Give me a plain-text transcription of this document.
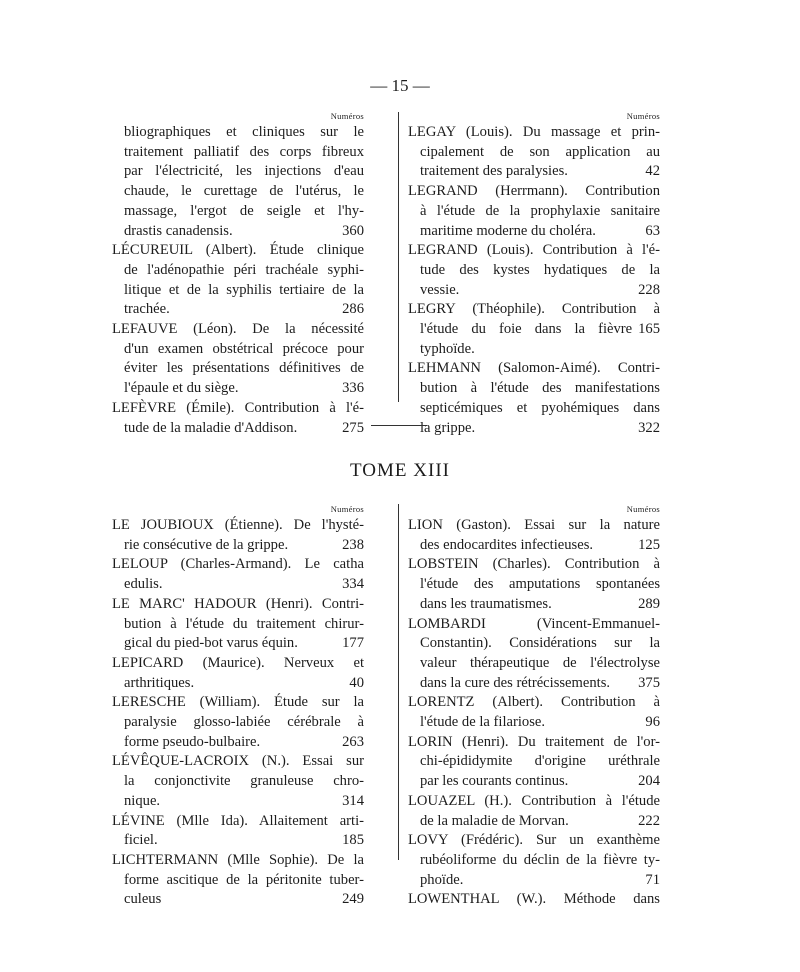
— 15 —
Numéros
bliographiques et cliniques sur le
traitement palliatif des corps fibreux
par l'électricité, les injections d'eau
chaude, le curettage de l'utérus, le
massage, l'ergot de seigle et l'hy-
drastis canadensis.	360
LÉCUREUIL (Albert). Étude clinique
de l'adénopathie péri trachéale syphi-
litique et de la syphilis tertiaire de la
trachée.	286
LEFAUVE (Léon). De la nécessité
d'un examen obstétrical précoce pour
éviter les présentations définitives de
l'épaule et du siège.	336
LEFÈVRE (Émile). Contribution à l'é-
tude de la maladie d'Addison.	275
Numéros
LEGAY (Louis). Du massage et prin-
cipalement de son application au
traitement des paralysies.	42
LEGRAND (Herrmann). Contribution
à l'étude de la prophylaxie sanitaire
maritime moderne du choléra.	63
LEGRAND (Louis). Contribution à l'é-
tude des kystes hydatiques de la
vessie.	228
LEGRY (Théophile). Contribution à
l'étude du foie dans la fièvre typhoïde.
165
LEHMANN (Salomon-Aimé). Contri-
bution à l'étude des manifestations
septicémiques et pyohémiques dans
la grippe.	322
TOME XIII
Numéros
LE JOUBIOUX (Étienne). De l'hysté-
rie consécutive de la grippe.	238
LELOUP (Charles-Armand). Le catha
edulis.	334
LE MARC' HADOUR (Henri). Contri-
bution à l'étude du traitement chirur-
gical du pied-bot varus équin.	177
LEPICARD (Maurice). Nerveux et
arthritiques.	40
LERESCHE (William). Étude sur la
paralysie glosso-labiée cérébrale à
forme pseudo-bulbaire.	263
LÉVÊQUE-LACROIX (N.). Essai sur
la conjonctivite granuleuse chro-
nique.	314
LÉVINE (Mlle Ida). Allaitement arti-
ficiel.	185
LICHTERMANN (Mlle Sophie). De la
forme ascitique de la péritonite tuber-
culeus	249
Numéros
LION (Gaston). Essai sur la nature
des endocardites infectieuses.	125
LOBSTEIN (Charles). Contribution à
l'étude des amputations spontanées
dans les traumatismes.	289
LOMBARDI (Vincent-Emmanuel-
Constantin). Considérations sur la
valeur thérapeutique de l'électrolyse
dans la cure des rétrécissements.	375
LORENTZ (Albert). Contribution à
l'étude de la filariose.	96
LORIN (Henri). Du traitement de l'or-
chi-épididymite d'origine uréthrale
par les courants continus.	204
LOUAZEL (H.). Contribution à l'étude
de la maladie de Morvan.	222
LOVY (Frédéric). Sur un exanthème
rubéoliforme du déclin de la fièvre ty-
phoïde.	71
LOWENTHAL (W.). Méthode dans
